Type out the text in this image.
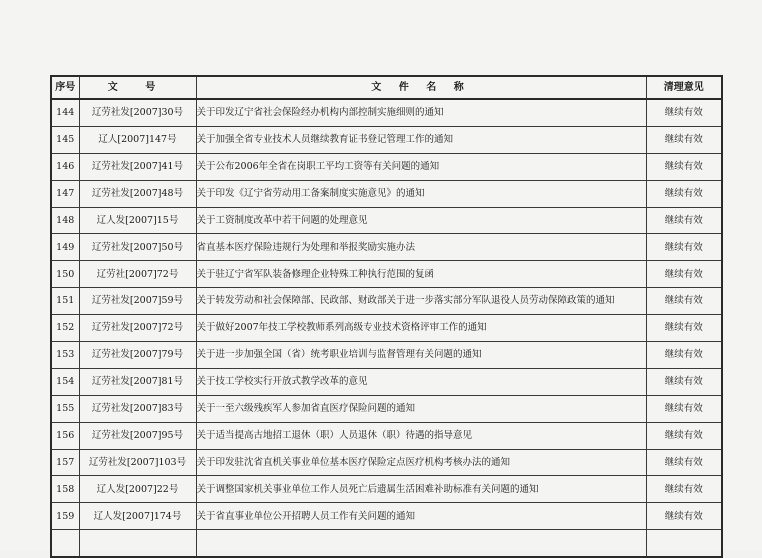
序号	文 号	文 件 名 称	清理意见
144	辽劳社发[2007]30号	关于印发辽宁省社会保险经办机构内部控制实施细则的通知	继续有效
145	辽人[2007]147号	关于加强全省专业技术人员继续教育证书登记管理工作的通知	继续有效
146	辽劳社发[2007]41号	关于公布2006年全省在岗职工平均工资等有关问题的通知	继续有效
147	辽劳社发[2007]48号	关于印发《辽宁省劳动用工备案制度实施意见》的通知	继续有效
148	辽人发[2007]15号	关于工资制度改革中若干问题的处理意见	继续有效
149	辽劳社发[2007]50号	省直基本医疗保险违规行为处理和举报奖励实施办法	继续有效
150	辽劳社[2007]72号	关于驻辽宁省军队装备修理企业特殊工种执行范围的复函	继续有效
151	辽劳社发[2007]59号	关于转发劳动和社会保障部、民政部、财政部关于进一步落实部分军队退役人员劳动保障政策的通知	继续有效
152	辽劳社发[2007]72号	关于做好2007年技工学校教师系列高级专业技术资格评审工作的通知	继续有效
153	辽劳社发[2007]79号	关于进一步加强全国（省）统考职业培训与监督管理有关问题的通知	继续有效
154	辽劳社发[2007]81号	关于技工学校实行开放式教学改革的意见	继续有效
155	辽劳社发[2007]83号	关于一至六级残疾军人参加省直医疗保险问题的通知	继续有效
156	辽劳社发[2007]95号	关于适当提高古地招工退休（职）人员退休（职）待遇的指导意见	继续有效
157	辽劳社发[2007]103号	关于印发驻沈省直机关事业单位基本医疗保险定点医疗机构考核办法的通知	继续有效
158	辽人发[2007]22号	关于调整国家机关事业单位工作人员死亡后遗属生活困难补助标准有关问题的通知	继续有效
159	辽人发[2007]174号	关于省直事业单位公开招聘人员工作有关问题的通知	继续有效
